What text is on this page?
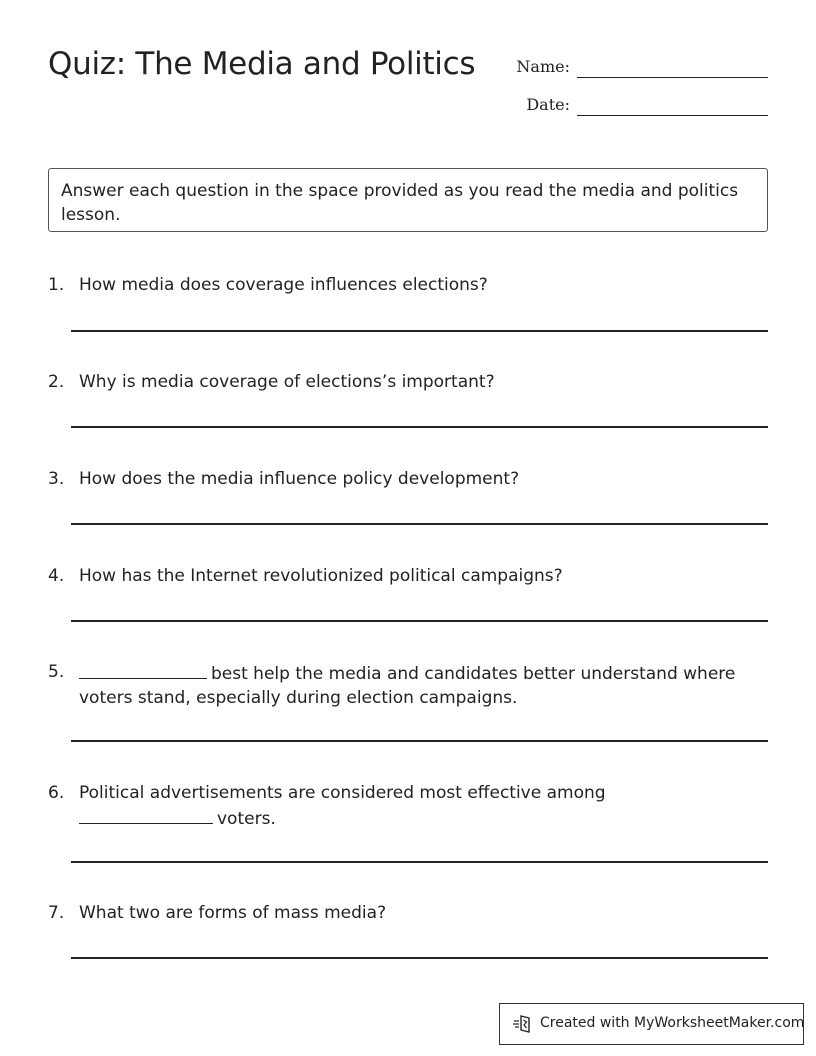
Quiz: The Media and Politics	Name:
Date:
Answer each question in the space provided as you read the media and politics lesson.
1. How media does coverage influences elections?
2. Why is media coverage of elections’s important?
3. How does the media influence policy development?
4. How has the Internet revolutionized political campaigns?
5.	best help the media and candidates better understand where voters stand, especially during election campaigns.
6. Political advertisements are considered most effective among
voters.
7. What two are forms of mass media?
Created with MyWorksheetMaker.com
